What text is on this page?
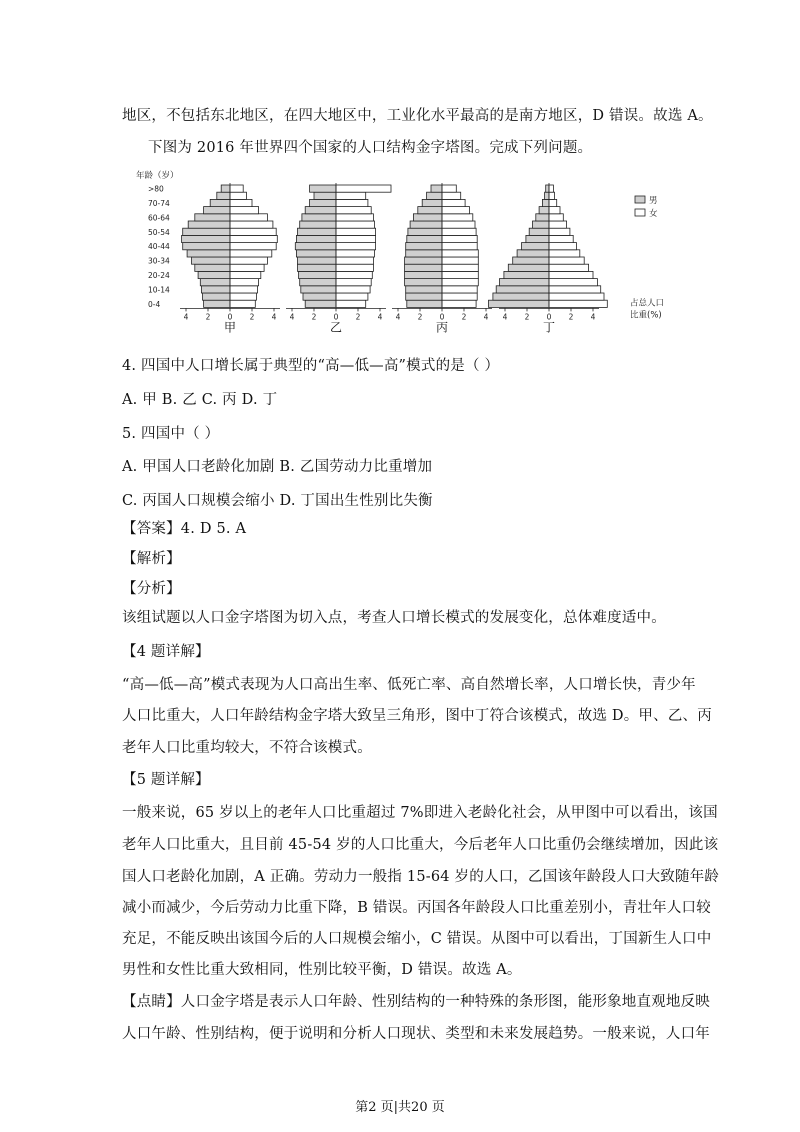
地区，不包括东北地区，在四大地区中，工业化水平最高的是南方地区，D 错误。故选 A。
下图为 2016 年世界四个国家的人口结构金字塔图。完成下列问题。
年龄（岁）
0-4
10-14
20-24
30-34
40-44
50-54
60-64
70-74
>80
占总人口
比重(%)
男
女
4 2 0 2 4
甲
4 2 0 2 4
乙
4 2 0 2 4
丙
4 2 0 2 4
丁
4. 四国中人口增长属于典型的“高—低—高”模式的是（ ）
A. 甲 B. 乙 C. 丙 D. 丁
5. 四国中（ ）
A. 甲国人口老龄化加剧 B. 乙国劳动力比重增加
C. 丙国人口规模会缩小 D. 丁国出生性别比失衡
【答案】4. D 5. A
【解析】
【分析】
该组试题以人口金字塔图为切入点，考查人口增长模式的发展变化，总体难度适中。
【4 题详解】
“高—低—高”模式表现为人口高出生率、低死亡率、高自然增长率，人口增长快，青少年
人口比重大，人口年龄结构金字塔大致呈三角形，图中丁符合该模式，故选 D。甲、乙、丙
老年人口比重均较大，不符合该模式。
【5 题详解】
一般来说，65 岁以上的老年人口比重超过 7%即进入老龄化社会，从甲图中可以看出，该国
老年人口比重大，且目前 45-54 岁的人口比重大，今后老年人口比重仍会继续增加，因此该
国人口老龄化加剧，A 正确。劳动力一般指 15-64 岁的人口，乙国该年龄段人口大致随年龄
减小而减少，今后劳动力比重下降，B 错误。丙国各年龄段人口比重差别小，青壮年人口较
充足，不能反映出该国今后的人口规模会缩小，C 错误。从图中可以看出，丁国新生人口中
男性和女性比重大致相同，性别比较平衡，D 错误。故选 A。
【点睛】人口金字塔是表示人口年龄、性别结构的一种特殊的条形图，能形象地直观地反映
人口午龄、性别结构，便于说明和分析人口现状、类型和未来发展趋势。一般来说，人口年
第2 页|共20 页
